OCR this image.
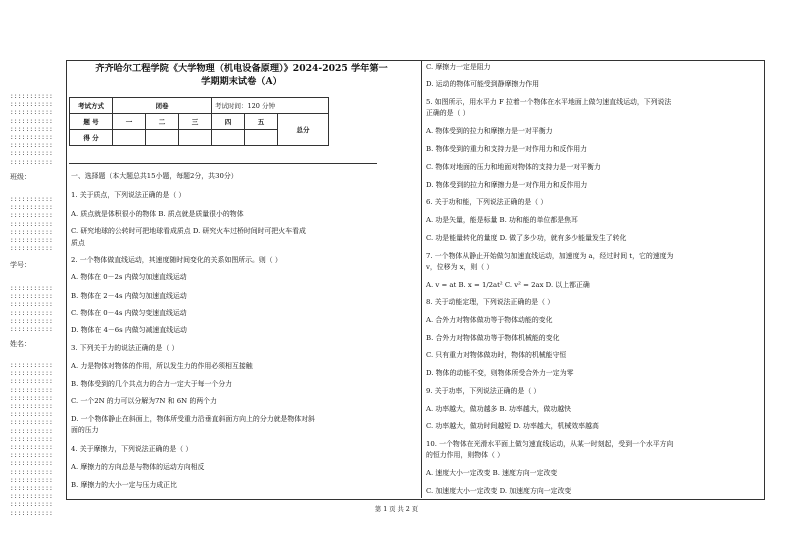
:::::::::::
:::::::::::
:::::::::::
:::::::::::
:::::::::::
:::::::::::
:::::::::::
:::::::::::
:::::::::::
班级：
:::::::::::
:::::::::::
:::::::::::
:::::::::::
:::::::::::
:::::::::::
:::::::::::
学号：
:::::::::::
:::::::::::
:::::::::::
:::::::::::
:::::::::::
:::::::::::
姓名：
:::::::::::
:::::::::::
:::::::::::
:::::::::::
:::::::::::
:::::::::::
:::::::::::
:::::::::::
:::::::::::
:::::::::::
:::::::::::
:::::::::::
:::::::::::
:::::::::::
:::::::::::
:::::::::::
:::::::::::
:::::::::::
:::::::::::
齐齐哈尔工程学院《大学物理（机电设备原理）》2024-2025 学年第一
学期期末试卷（A）
考试方式	闭卷			考试时间：120 分钟		
题 号	一	二	三	四	五	总分
得 分						
一、选择题（本大题总共15小题，每题2分，共30分）
1. 关于质点，下列说法正确的是（ ）
A. 质点就是体积很小的物体 B. 质点就是质量很小的物体
C. 研究地球的公转时可把地球看成质点 D. 研究火车过桥时间时可把火车看成
质点
2. 一个物体做直线运动，其速度随时间变化的关系如图所示。则（ ）
A. 物体在 0－2s 内做匀加速直线运动
B. 物体在 2－4s 内做匀加速直线运动
C. 物体在 0－4s 内做匀变速直线运动
D. 物体在 4－6s 内做匀减速直线运动
3. 下列关于力的说法正确的是（ ）
A. 力是物体对物体的作用，所以发生力的作用必须相互接触
B. 物体受到的几个共点力的合力一定大于每一个分力
C. 一个2N 的力可以分解为7N 和 6N 的两个力
D. 一个物体静止在斜面上，物体所受重力沿垂直斜面方向上的分力就是物体对斜
面的压力
4. 关于摩擦力，下列说法正确的是（ ）
A. 摩擦力的方向总是与物体的运动方向相反
B. 摩擦力的大小一定与压力成正比
C. 摩擦力一定是阻力
D. 运动的物体可能受到静摩擦力作用
5. 如图所示，用水平力 F 拉着一个物体在水平地面上做匀速直线运动，下列说法
正确的是（ ）
A. 物体受到的拉力和摩擦力是一对平衡力
B. 物体受到的重力和支持力是一对作用力和反作用力
C. 物体对地面的压力和地面对物体的支持力是一对平衡力
D. 物体受到的拉力和摩擦力是一对作用力和反作用力
6. 关于功和能，下列说法正确的是（ ）
A. 功是矢量，能是标量 B. 功和能的单位都是焦耳
C. 功是能量转化的量度 D. 做了多少功，就有多少能量发生了转化
7. 一个物体从静止开始做匀加速直线运动，加速度为 a，经过时间 t，它的速度为
v，位移为 x，则（ ）
A. v = at B. x = 1/2at² C. v² = 2ax D. 以上都正确
8. 关于动能定理，下列说法正确的是（ ）
A. 合外力对物体做功等于物体动能的变化
B. 合外力对物体做功等于物体机械能的变化
C. 只有重力对物体做功时，物体的机械能守恒
D. 物体的动能不变，则物体所受合外力一定为零
9. 关于功率，下列说法正确的是（ ）
A. 功率越大，做功越多 B. 功率越大，做功越快
C. 功率越大，做功时间越短 D. 功率越大，机械效率越高
10. 一个物体在光滑水平面上做匀速直线运动，从某一时刻起，受到一个水平方向
的恒力作用，则物体（ ）
A. 速度大小一定改变 B. 速度方向一定改变
C. 加速度大小一定改变 D. 加速度方向一定改变
第 1 页 共 2 页
